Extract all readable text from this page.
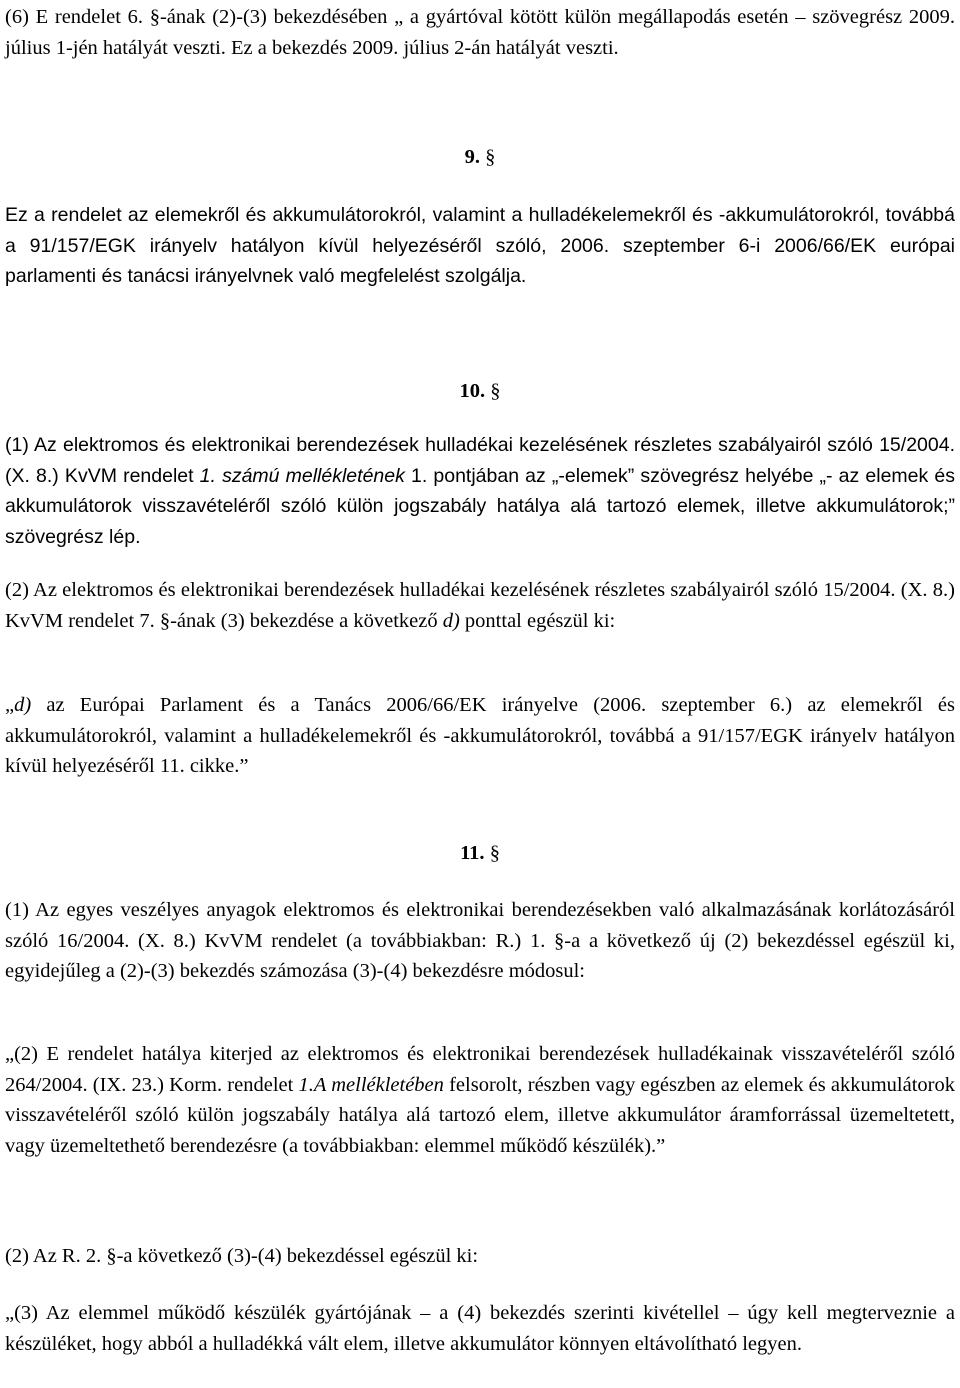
(6) E rendelet 6. §-ának (2)-(3) bekezdésében „ a gyártóval kötött külön megállapodás esetén – szövegrész 2009. július 1-jén hatályát veszti. Ez a bekezdés 2009. július 2-án hatályát veszti.

9. §

Ez a rendelet az elemekről és akkumulátorokról, valamint a hulladékelemekről és -akkumulátorokról, továbbá a 91/157/EGK irányelv hatályon kívül helyezéséről szóló, 2006. szeptember 6-i 2006/66/EK európai parlamenti és tanácsi irányelvnek való megfelelést szolgálja.

10. §

(1) Az elektromos és elektronikai berendezések hulladékai kezelésének részletes szabályairól szóló 15/2004. (X. 8.) KvVM rendelet 1. számú mellékletének 1. pontjában az „-elemek” szövegrész helyébe „- az elemek és akkumulátorok visszavételéről szóló külön jogszabály hatálya alá tartozó elemek, illetve akkumulátorok;” szövegrész lép.

(2) Az elektromos és elektronikai berendezések hulladékai kezelésének részletes szabályairól szóló 15/2004. (X. 8.) KvVM rendelet 7. §-ának (3) bekezdése a következő d) ponttal egészül ki:

„d) az Európai Parlament és a Tanács 2006/66/EK irányelve (2006. szeptember 6.) az elemekről és akkumulátorokról, valamint a hulladékelemekről és -akkumulátorokról, továbbá a 91/157/EGK irányelv hatályon kívül helyezéséről 11. cikke.”

11. §

(1) Az egyes veszélyes anyagok elektromos és elektronikai berendezésekben való alkalmazásának korlátozásáról szóló 16/2004. (X. 8.) KvVM rendelet (a továbbiakban: R.) 1. §-a a következő új (2) bekezdéssel egészül ki, egyidejűleg a (2)-(3) bekezdés számozása (3)-(4) bekezdésre módosul:

„(2) E rendelet hatálya kiterjed az elektromos és elektronikai berendezések hulladékainak visszavételéről szóló 264/2004. (IX. 23.) Korm. rendelet 1.A mellékletében felsorolt, részben vagy egészben az elemek és akkumulátorok visszavételéről szóló külön jogszabály hatálya alá tartozó elem, illetve akkumulátor áramforrással üzemeltetett, vagy üzemeltethető berendezésre (a továbbiakban: elemmel működő készülék).”

(2) Az R. 2. §-a következő (3)-(4) bekezdéssel egészül ki:

„(3) Az elemmel működő készülék gyártójának – a (4) bekezdés szerinti kivétellel – úgy kell megterveznie a készüléket, hogy abból a hulladékká vált elem, illetve akkumulátor könnyen eltávolítható legyen.
